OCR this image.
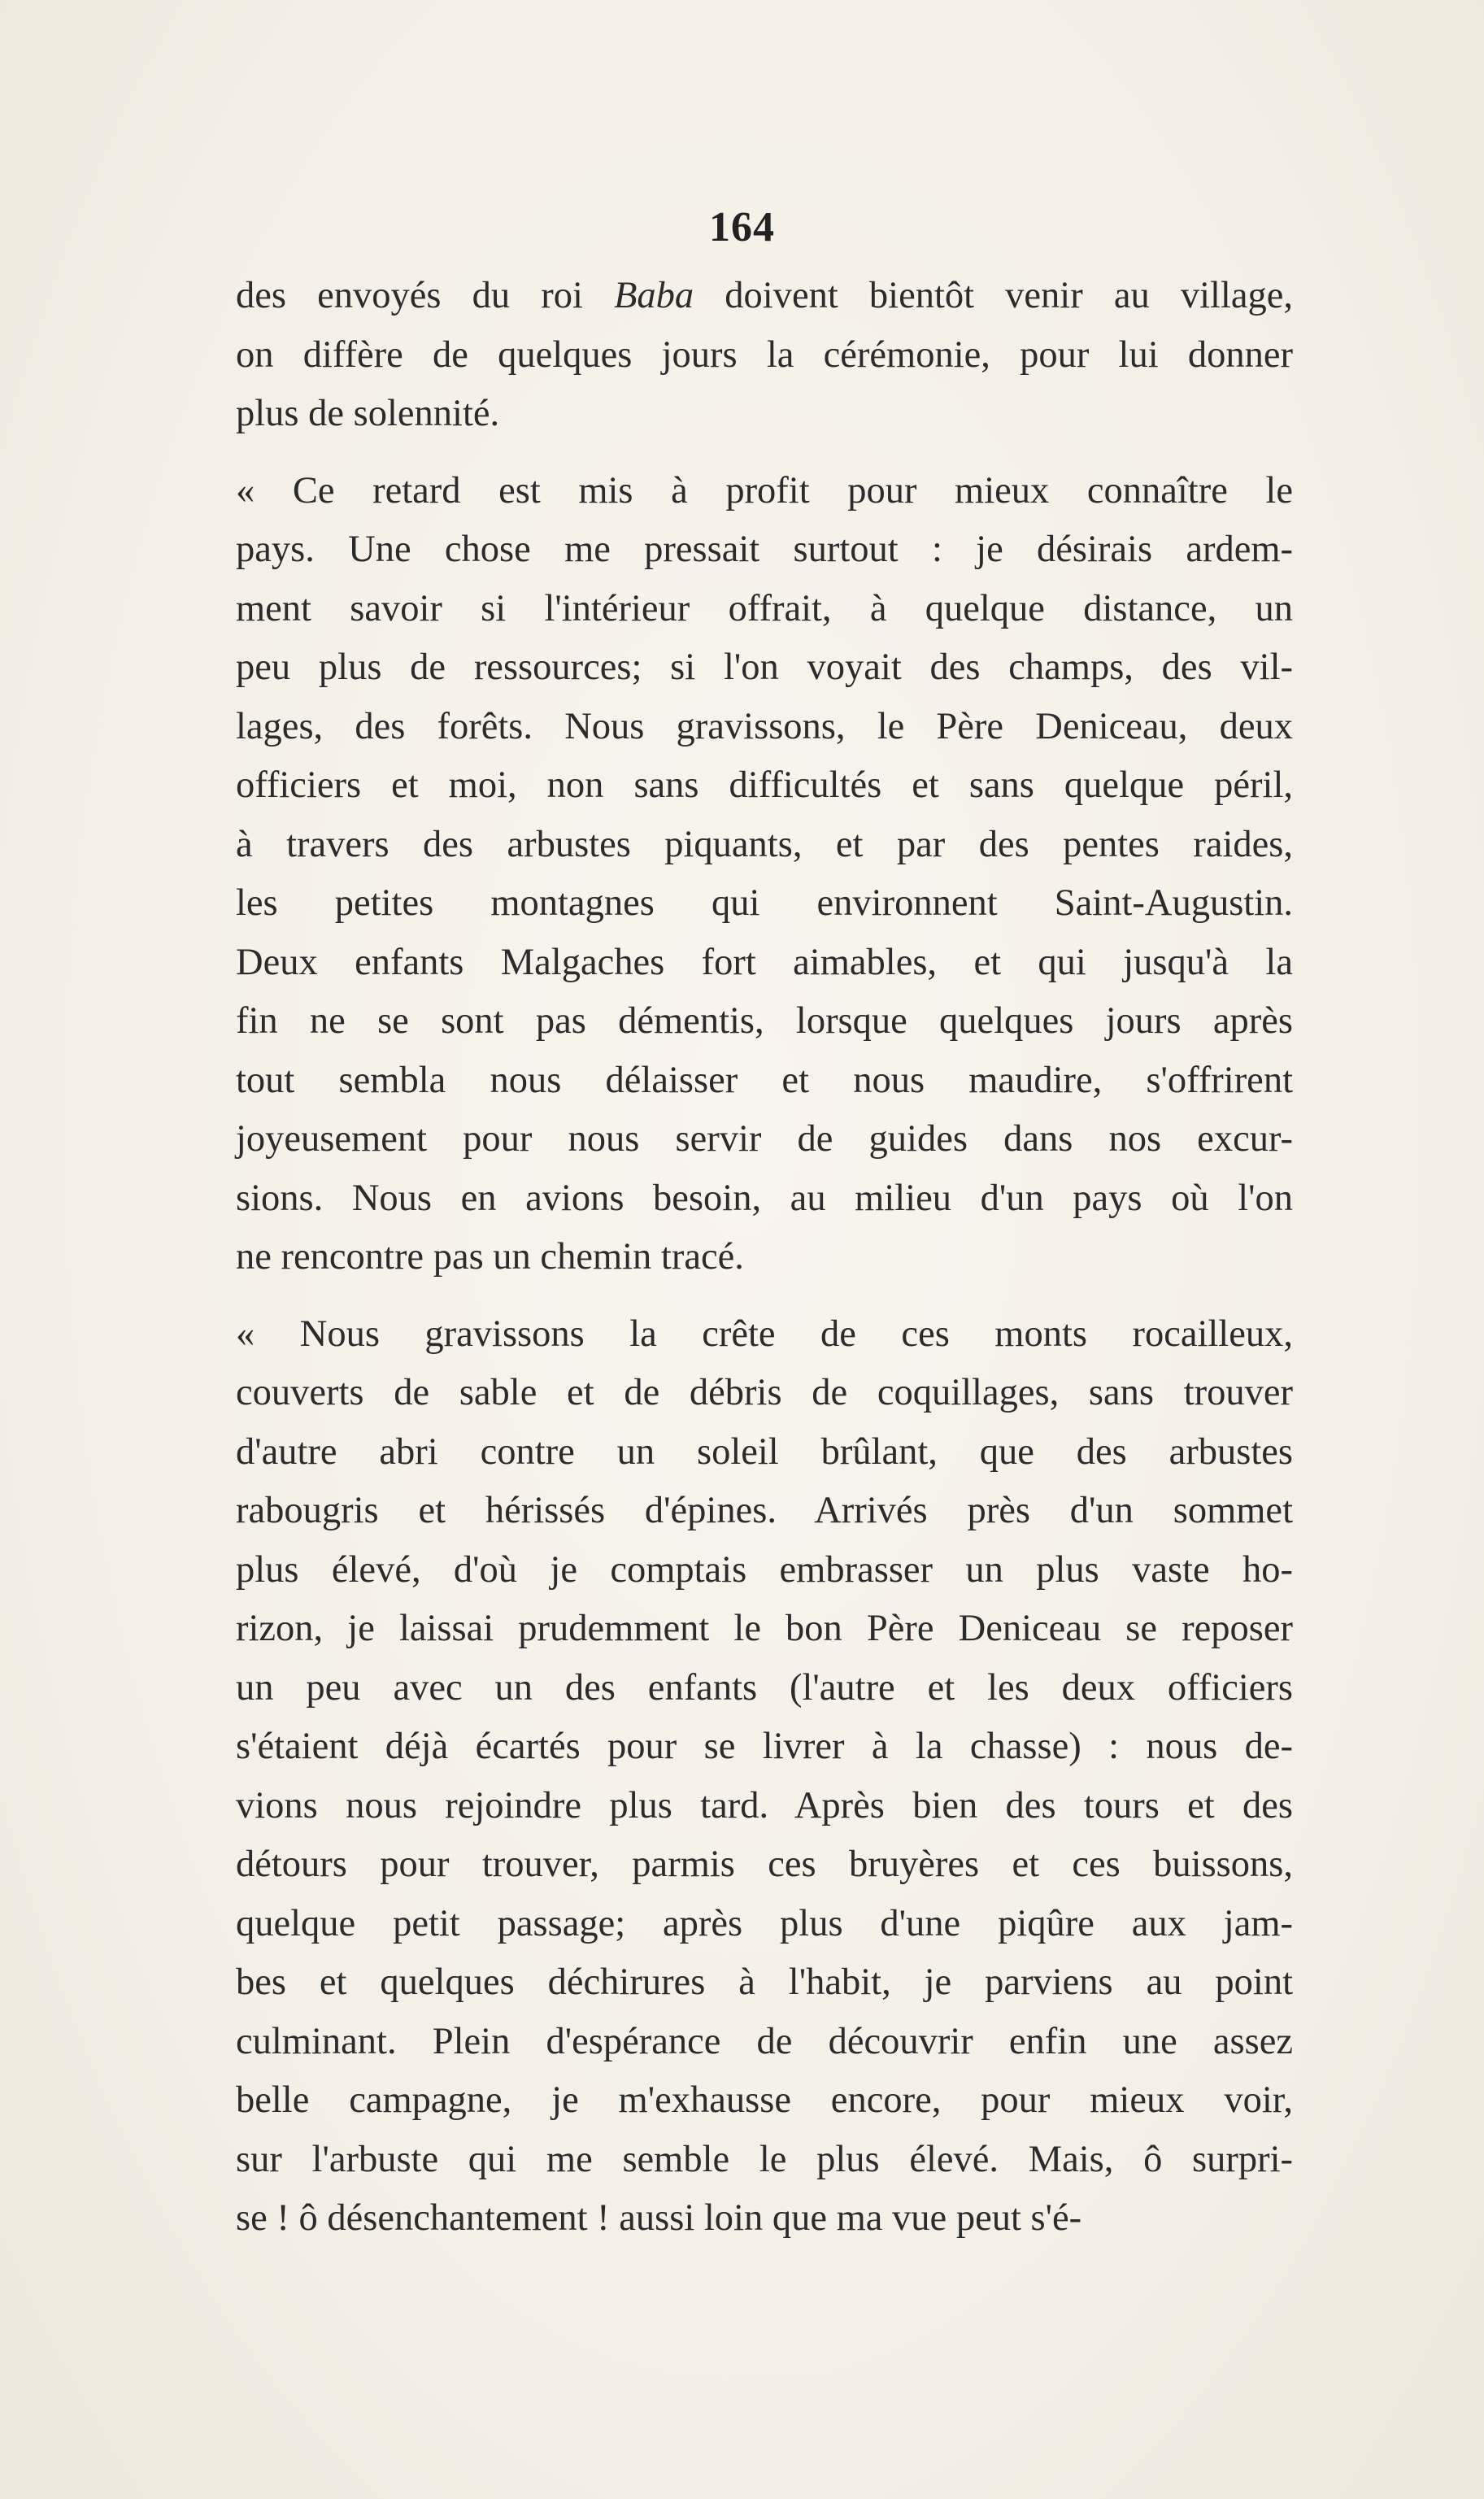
164
des envoyés du roi Baba doivent bientôt venir au village,
on diffère de quelques jours la cérémonie, pour lui donner
plus de solennité.
« Ce retard est mis à profit pour mieux connaître le
pays. Une chose me pressait surtout : je désirais ardem-
ment savoir si l'intérieur offrait, à quelque distance, un
peu plus de ressources; si l'on voyait des champs, des vil-
lages, des forêts. Nous gravissons, le Père Deniceau, deux
officiers et moi, non sans difficultés et sans quelque péril,
à travers des arbustes piquants, et par des pentes raides,
les petites montagnes qui environnent Saint-Augustin.
Deux enfants Malgaches fort aimables, et qui jusqu'à la
fin ne se sont pas démentis, lorsque quelques jours après
tout sembla nous délaisser et nous maudire, s'offrirent
joyeusement pour nous servir de guides dans nos excur-
sions. Nous en avions besoin, au milieu d'un pays où l'on
ne rencontre pas un chemin tracé.
« Nous gravissons la crête de ces monts rocailleux,
couverts de sable et de débris de coquillages, sans trouver
d'autre abri contre un soleil brûlant, que des arbustes
rabougris et hérissés d'épines. Arrivés près d'un sommet
plus élevé, d'où je comptais embrasser un plus vaste ho-
rizon, je laissai prudemment le bon Père Deniceau se reposer
un peu avec un des enfants (l'autre et les deux officiers
s'étaient déjà écartés pour se livrer à la chasse) : nous de-
vions nous rejoindre plus tard. Après bien des tours et des
détours pour trouver, parmis ces bruyères et ces buissons,
quelque petit passage; après plus d'une piqûre aux jam-
bes et quelques déchirures à l'habit, je parviens au point
culminant. Plein d'espérance de découvrir enfin une assez
belle campagne, je m'exhausse encore, pour mieux voir,
sur l'arbuste qui me semble le plus élevé. Mais, ô surpri-
se ! ô désenchantement ! aussi loin que ma vue peut s'é-
